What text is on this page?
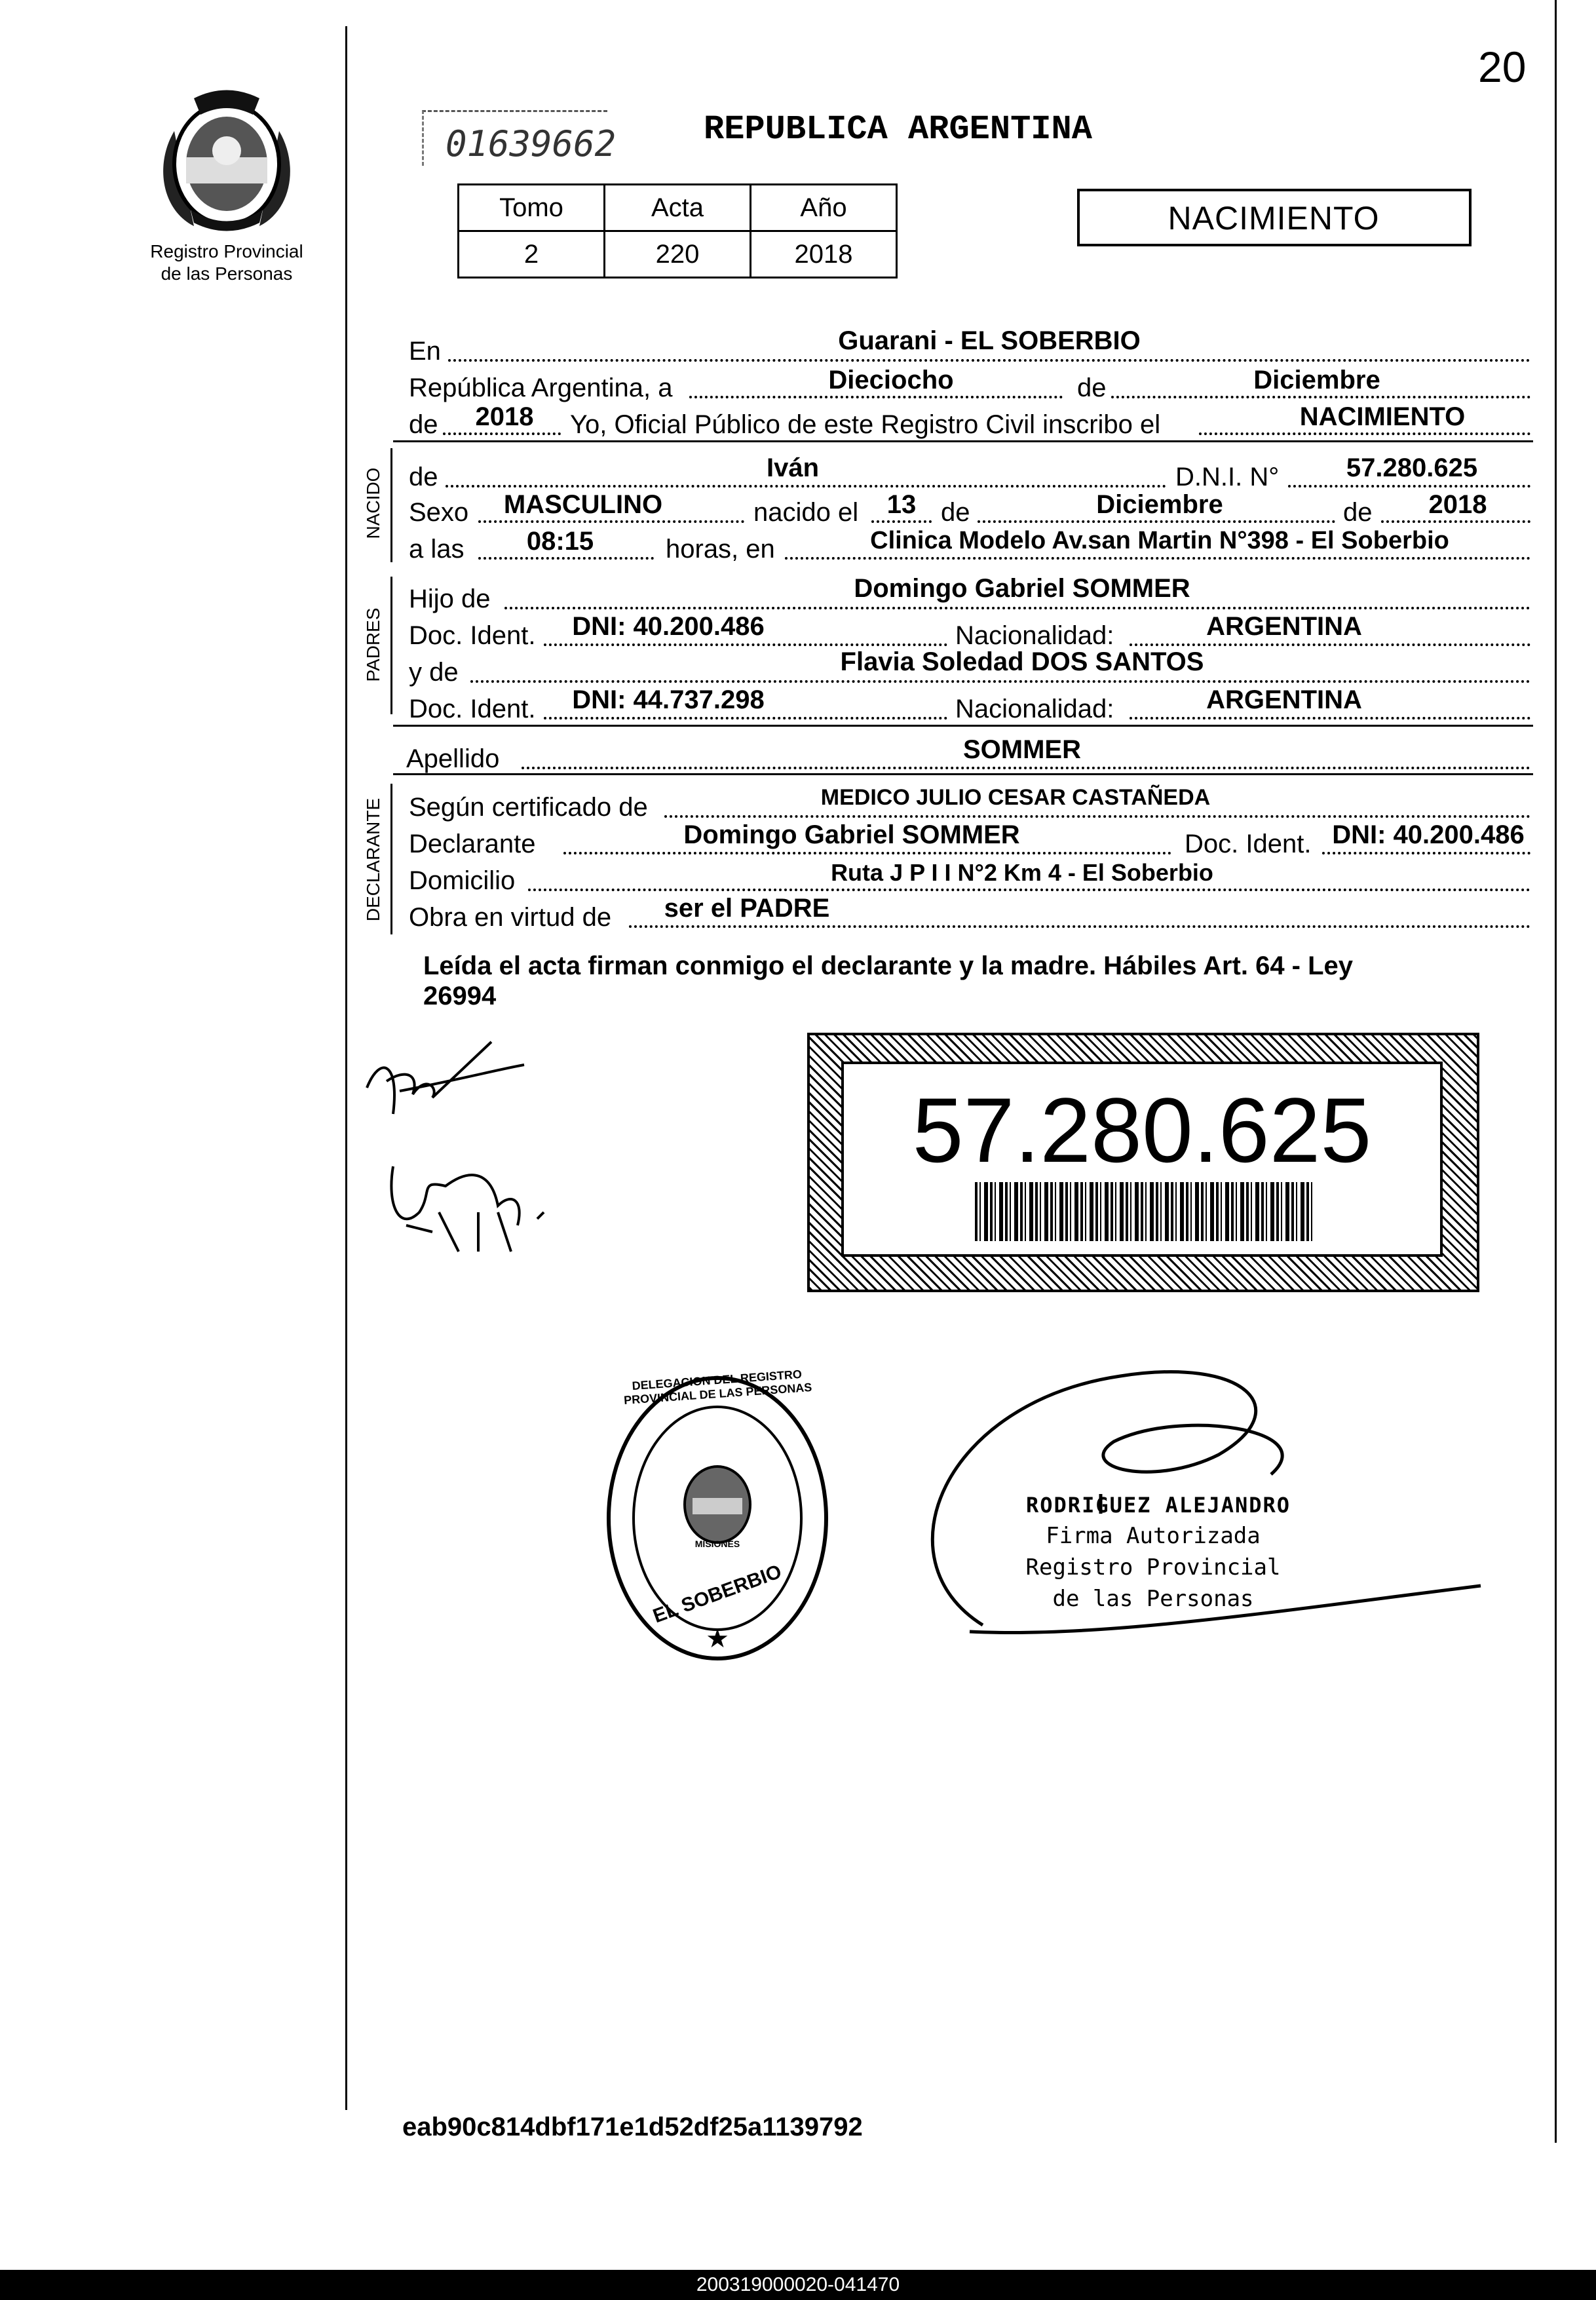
20
Registro Provincial
de las Personas
01639662	REPUBLICA ARGENTINA
Tomo	Acta	Año
2	220	2018
NACIMIENTO
En	Guarani - EL SOBERBIO
República Argentina, a	Dieciocho	de	Diciembre
de	2018	Yo, Oficial Público de este Registro Civil inscribo el	NACIMIENTO
NACIDO de	Iván	D.N.I. N°	57.280.625
Sexo	MASCULINO	nacido el	13 de	Diciembre	de	2018
a las	08:15	horas, en	Clinica Modelo Av.san Martin N°398 - El Soberbio
PADRES
Hijo de	Domingo Gabriel SOMMER
Doc. Ident.	DNI: 40.200.486	Nacionalidad:	ARGENTINA
y de	Flavia Soledad DOS SANTOS
Doc. Ident.	DNI: 44.737.298	Nacionalidad:	ARGENTINA
Apellido	SOMMER
DECLARANTE Según certificado de	MEDICO JULIO CESAR CASTAÑEDA
Declarante	Domingo Gabriel SOMMER	Doc. Ident. DNI: 40.200.486
Domicilio	Ruta J P I I N°2 Km 4 - El Soberbio
Obra en virtud de	ser el PADRE
Leída el acta firman conmigo el declarante y la madre. Hábiles Art. 64 - Ley
26994
57.280.625
★
DELEGACION DEL REGISTRO PROVINCIAL DE LAS PERSONAS
MISIONES
EL SOBERBIO
RODRIGUEZ ALEJANDRO
Firma Autorizada
Registro Provincial
de las Personas
eab90c814dbf171e1d52df25a1139792
200319000020-041470
